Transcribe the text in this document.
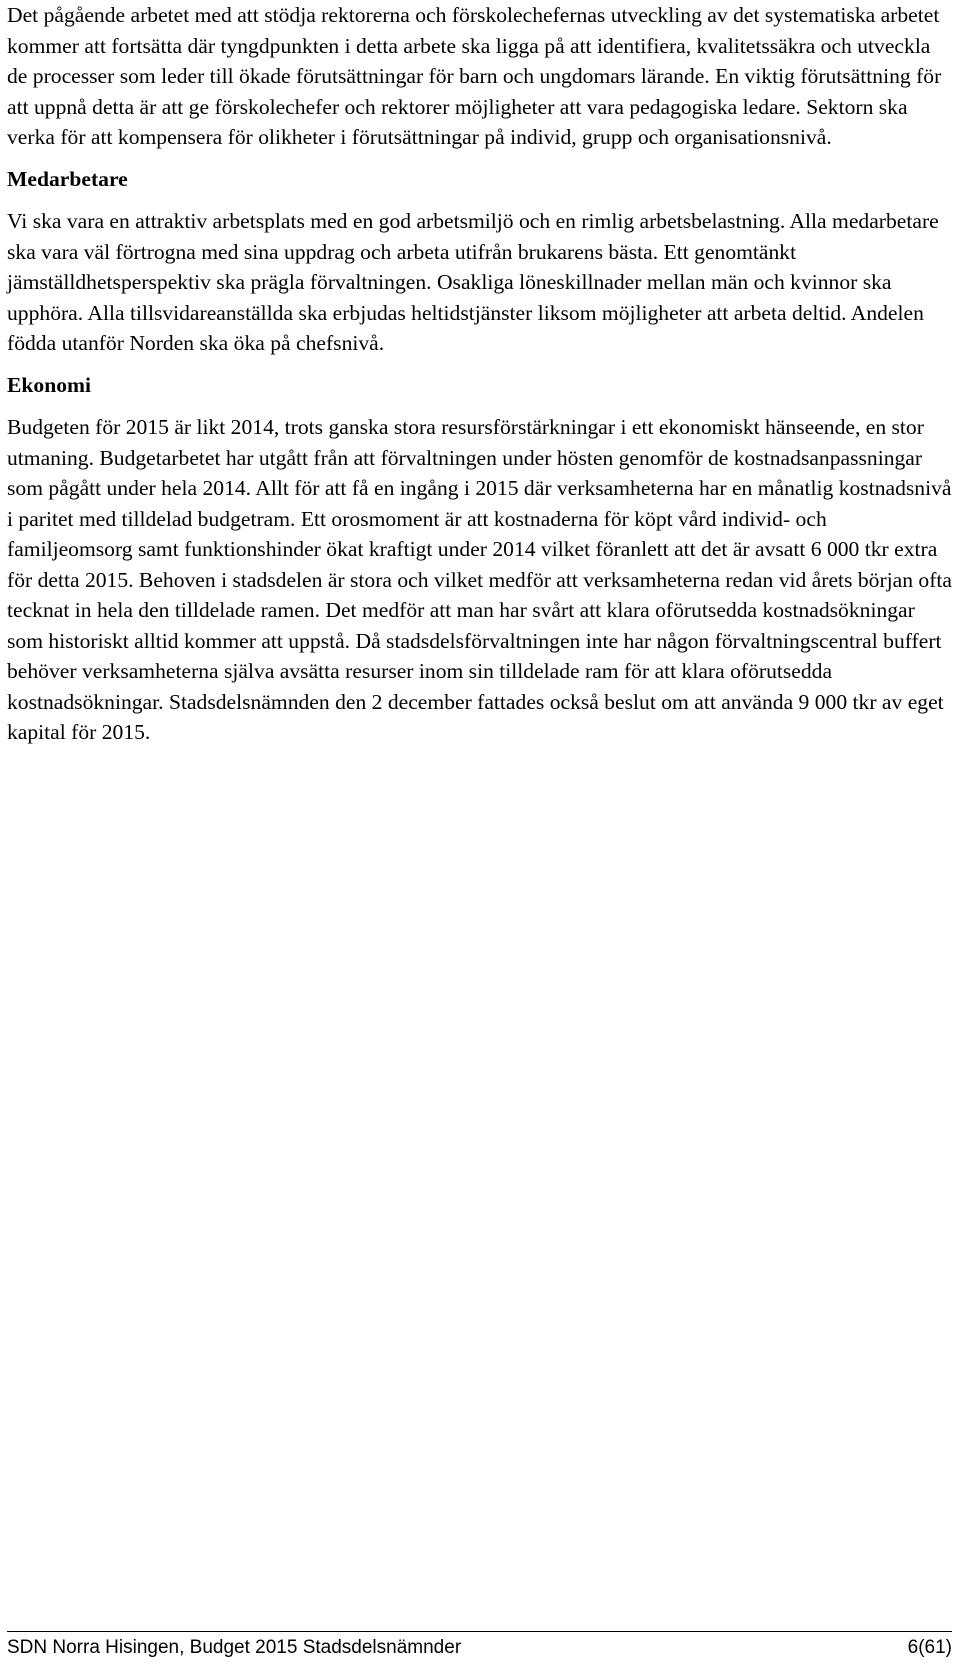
Det pågående arbetet med att stödja rektorerna och förskolechefernas utveckling av det systematiska arbetet kommer att fortsätta där tyngdpunkten i detta arbete ska ligga på att identifiera, kvalitetssäkra och utveckla de processer som leder till ökade förutsättningar för barn och ungdomars lärande. En viktig förutsättning för att uppnå detta är att ge förskolechefer och rektorer möjligheter att vara pedagogiska ledare. Sektorn ska verka för att kompensera för olikheter i förutsättningar på individ, grupp och organisationsnivå.

Medarbetare

Vi ska vara en attraktiv arbetsplats med en god arbetsmiljö och en rimlig arbetsbelastning. Alla medarbetare ska vara väl förtrogna med sina uppdrag och arbeta utifrån brukarens bästa. Ett genomtänkt jämställdhetsperspektiv ska prägla förvaltningen. Osakliga löneskillnader mellan män och kvinnor ska upphöra. Alla tillsvidareanställda ska erbjudas heltidstjänster liksom möjligheter att arbeta deltid. Andelen födda utanför Norden ska öka på chefsnivå.

Ekonomi

Budgeten för 2015 är likt 2014, trots ganska stora resursförstärkningar i ett ekonomiskt hänseende, en stor utmaning. Budgetarbetet har utgått från att förvaltningen under hösten genomför de kostnadsanpassningar som pågått under hela 2014. Allt för att få en ingång i 2015 där verksamheterna har en månatlig kostnadsnivå i paritet med tilldelad budgetram. Ett orosmoment är att kostnaderna för köpt vård individ- och familjeomsorg samt funktionshinder ökat kraftigt under 2014 vilket föranlett att det är avsatt 6 000 tkr extra för detta 2015. Behoven i stadsdelen är stora och vilket medför att verksamheterna redan vid årets början ofta tecknat in hela den tilldelade ramen. Det medför att man har svårt att klara oförutsedda kostnadsökningar som historiskt alltid kommer att uppstå. Då stadsdelsförvaltningen inte har någon förvaltningscentral buffert behöver verksamheterna själva avsätta resurser inom sin tilldelade ram för att klara oförutsedda kostnadsökningar. Stadsdelsnämnden den 2 december fattades också beslut om att använda 9 000 tkr av eget kapital för 2015.

SDN Norra Hisingen, Budget 2015 Stadsdelsnämnder	6(61)
